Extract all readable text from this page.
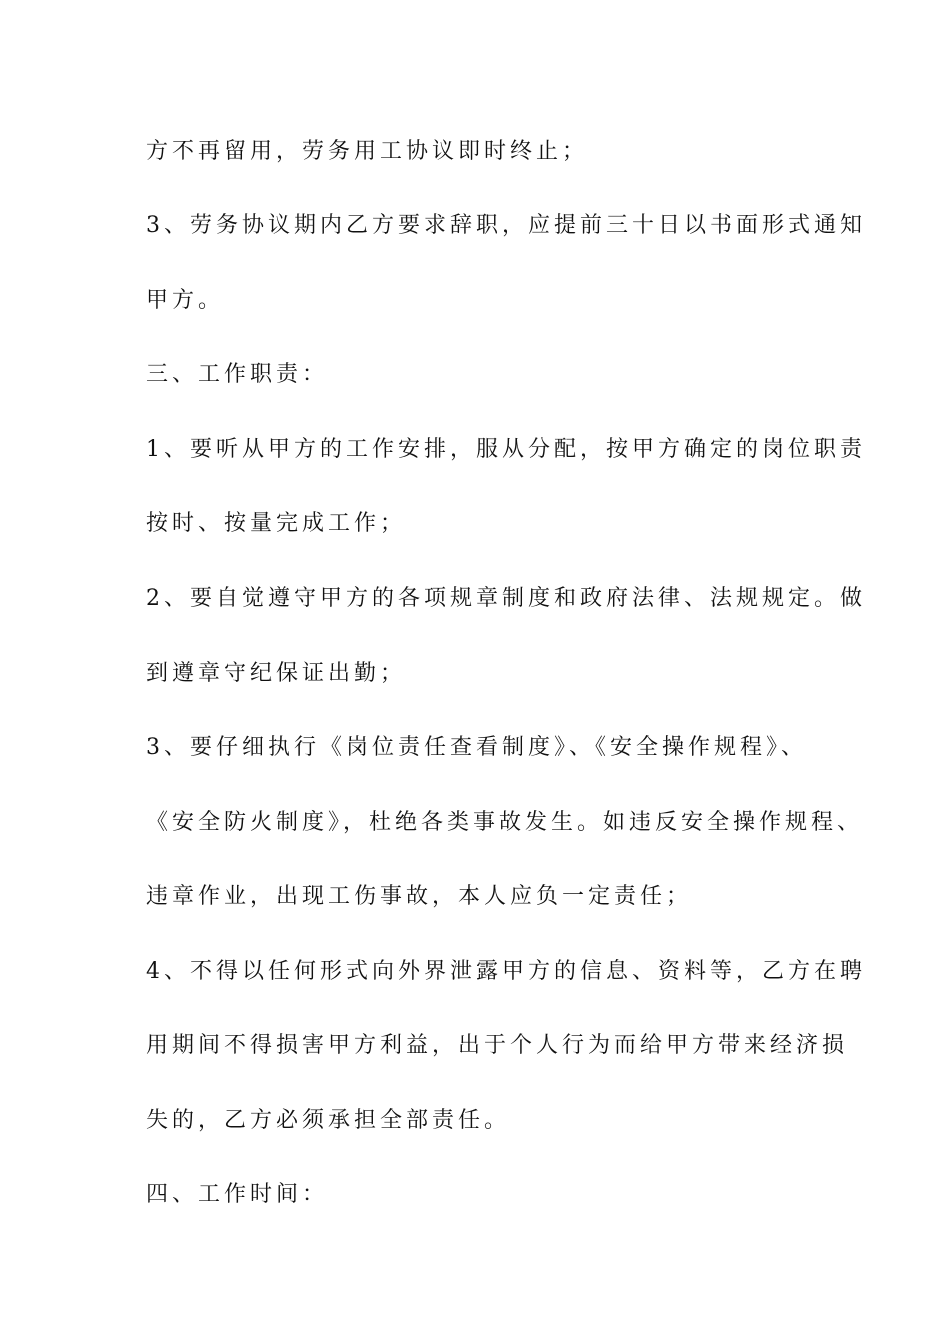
方不再留用，劳务用工协议即时终止；
3、劳务协议期内乙方要求辞职，应提前三十日以书面形式通知
甲方。
三、工作职责：
1、要听从甲方的工作安排，服从分配，按甲方确定的岗位职责
按时、按量完成工作；
2、要自觉遵守甲方的各项规章制度和政府法律、法规规定。做
到遵章守纪保证出勤；
3、要仔细执行《岗位责任查看制度》、《安全操作规程》、
《安全防火制度》，杜绝各类事故发生。如违反安全操作规程、
违章作业，出现工伤事故，本人应负一定责任；
4、不得以任何形式向外界泄露甲方的信息、资料等，乙方在聘
用期间不得损害甲方利益，出于个人行为而给甲方带来经济损
失的，乙方必须承担全部责任。
四、工作时间：
